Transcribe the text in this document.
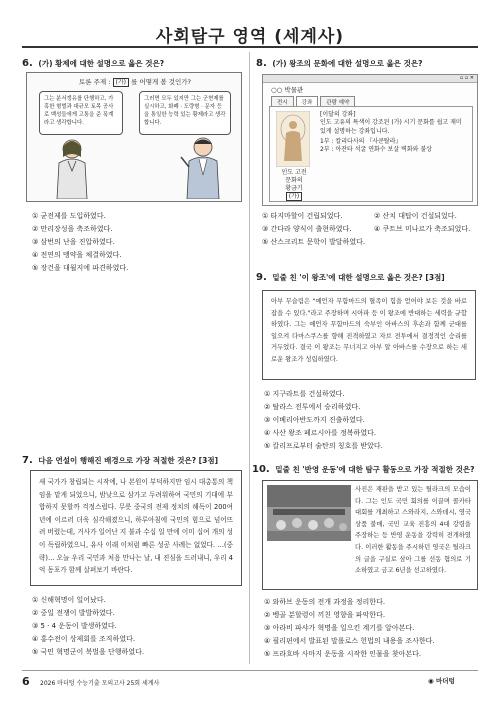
사회탐구 영역 (세계사)
6. (가) 황제에 대한 설명으로 옳은 것은?
토론 주제 : (가) 를 어떻게 볼 것인가?
그는 분서갱유를 단행하고, 가혹한 형벌과 대규모 토목 공사로 백성들에게 고통을 준 폭계라고 생각합니다.
그러면 모두 있지만 그는 군현제를 실시하고, 화폐 · 도량형 · 문자 등을 통일한 능력 있는 황제라고 생각합니다.
① 균전제를 도입하였다.
② 만리장성을 축조하였다.
③ 삼번의 난을 진압하였다.
④ 전연의 맹약을 체결하였다.
⑤ 장건을 대월지에 파견하였다.
7. 다음 연설이 행해진 배경으로 가장 적절한 것은? [3점]
새 국가가 창립되는 시작에, 나 본원이 부덕하지만 임시 대총통의 책임을 맡게 되었으니, 밤낮으로 삼가고 두려워하여 국민의 기대에 부합하지 못할까 걱정스럽다. 무릇 중국의 전제 정치의 해독이 200여 년에 이르러 더욱 심각해졌으니, 하루아침에 국민의 힘으로 넘어뜨려 버렸는데, 거사가 일어난 지 불과 수십 일 만에 이미 십여 개의 성이 독립하였으니, 유사 이래 이처럼 빠른 성공 사례는 없었다. …(중략)… 오늘 우리 국민과 처음 만나는 날, 내 진심을 드러내니, 우리 4억 동포가 함께 살펴보기 바란다.
① 신해혁명이 일어났다.
② 중일 전쟁이 발발하였다.
③ 5 · 4 운동이 발생하였다.
④ 홍수전이 상제회를 조직하였다.
⑤ 국민 혁명군이 북벌을 단행하였다.
8. (가) 왕조의 문화에 대한 설명으로 옳은 것은?
▫ ▫ ✕
○○ 박물관
전시	강좌	관람 예약
인도 고전
문화의
황금기
(가)
[이달의 강좌]
인도 고유의 특색이 강조된 (가) 시기 문화를 쉽고 재미있게 설명하는 강좌입니다.
1부 : 칼리다사의 『사쿤탈라』
2부 : 아잔타 석굴 연화수 보살 벽화와 불상
① 타지마할이 건립되었다.	② 산치 대탑이 건설되었다.
③ 간다라 양식이 출현하였다.	④ 쿠트브 미나르가 축조되었다.
⑤ 산스크리트 문학이 발달하였다.
9. 밑줄 친 '이 왕조'에 대한 설명으로 옳은 것은? [3점]
아부 무슬림은 "예언자 무함마드의 혈족이 힘을 얻어야 보든 것을 바로잡을 수 있다."라고 주장하며 시아파 등 이 왕조에 반대하는 세력을 규합하였다. 그는 예언자 무함마드의 숙부인 아바스의 후손과 함께 군대를 일으켜 다마스쿠스를 향해 진격하였고 자브 전투에서 결정적인 승리를 거두었다. 결국 이 왕조는 무너지고 아부 알 아바스를 수장으로 하는 새로운 왕조가 성립하였다.
① 지구라트를 건설하였다.
② 탈라스 전투에서 승리하였다.
③ 이베리아반도까지 진출하였다.
④ 사산 왕조 페르시아를 정복하였다.
⑤ 칼리프로부터 술탄의 칭호를 받았다.
10. 밑줄 친 '반영 운동'에 대한 탐구 활동으로 가장 적절한 것은?
사진은 재판을 받고 있는 틸라크의 모습이다. 그는 인도 국민 회의를 이끌며 콜카타 대회를 개최하고 스와라지, 스와데시, 영국 상품 불매, 국민 교육 진흥의 4대 강령을 주장하는 등 반영 운동을 강력히 전개하였다. 이러한 활동을 주시하던 영국은 틸라크의 글을 구실로 삼아 그를 선동 혐의로 기소하였고 금고 6년을 선고하였다.
① 와하브 운동의 전개 과정을 정리한다.
② 벵골 분할령이 끼친 영향을 파악한다.
③ 아라비 파샤가 혁명을 일으킨 계기를 알아본다.
④ 필리핀에서 발표된 말롤로스 헌법의 내용을 조사한다.
⑤ 프라흐바 사마지 운동을 시작한 인물을 찾아본다.
6 2026 마더텅 수능기출 모의고사 25회 세계사	◉ 마더텅
